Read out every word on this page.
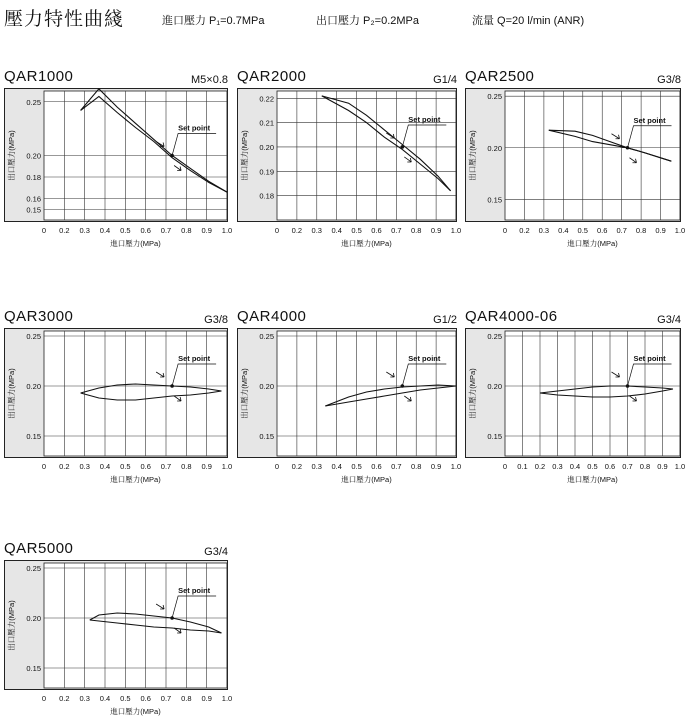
壓力特性曲綫	進口壓力 P₁=0.7MPa	出口壓力 P₂=0.2MPa	流量 Q=20 l/min (ANR)
QAR1000	M5×0.8
0 0.2 0.3 0.4 0.5 0.6 0.7 0.8 0.9 1.0
0.25
0.20
0.18
0.16
0.15
進口壓力(MPa)
出口壓力(MPa)
Set point
QAR2000	G1/4
0 0.2 0.3 0.4 0.5 0.6 0.7 0.8 0.9 1.0
0.22
0.21
0.20
0.19
0.18
進口壓力(MPa)
出口壓力(MPa)
Set point
QAR2500	G3/8
0 0.2 0.3 0.4 0.5 0.6 0.7 0.8 0.9 1.0
0.25
0.20
0.15
進口壓力(MPa)
出口壓力(MPa)
Set point
QAR3000	G3/8
0 0.2 0.3 0.4 0.5 0.6 0.7 0.8 0.9 1.0
0.25
0.20
0.15
進口壓力(MPa)
出口壓力(MPa)
Set point
QAR4000	G1/2
0 0.2 0.3 0.4 0.5 0.6 0.7 0.8 0.9 1.0
0.25
0.20
0.15
進口壓力(MPa)
出口壓力(MPa)
Set point
QAR4000-06	G3/4
0 0.1 0.2 0.3 0.4 0.5 0.6 0.7 0.8 0.9 1.0
0.25
0.20
0.15
進口壓力(MPa)
出口壓力(MPa)
Set point
QAR5000	G3/4
0 0.2 0.3 0.4 0.5 0.6 0.7 0.8 0.9 1.0
0.25
0.20
0.15
進口壓力(MPa)
出口壓力(MPa)
Set point
